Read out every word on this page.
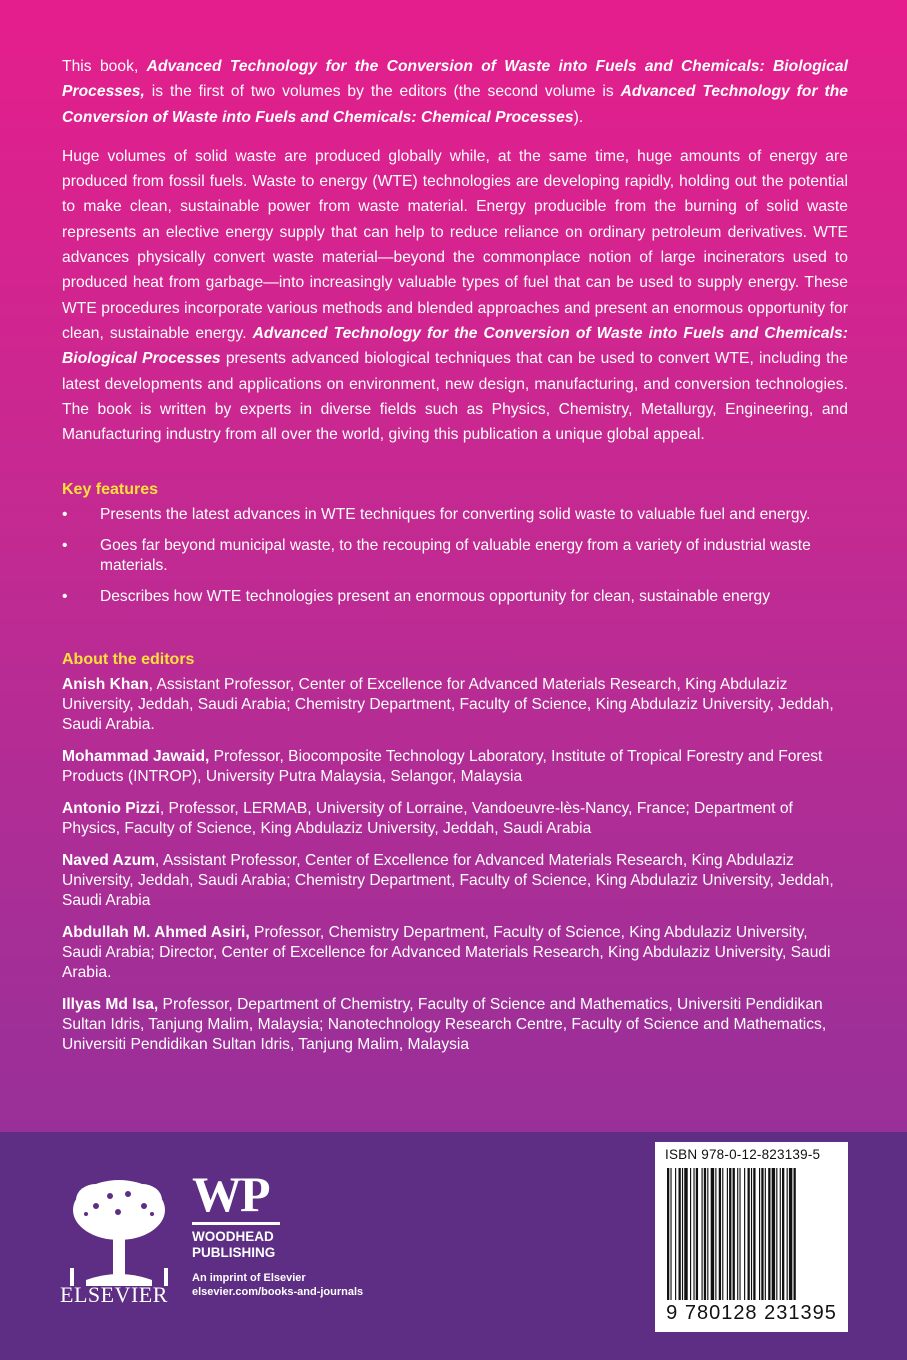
This book, Advanced Technology for the Conversion of Waste into Fuels and Chemicals: Biological Processes, is the first of two volumes by the editors (the second volume is Advanced Technology for the Conversion of Waste into Fuels and Chemicals: Chemical Processes).

Huge volumes of solid waste are produced globally while, at the same time, huge amounts of energy are produced from fossil fuels. Waste to energy (WTE) technologies are developing rapidly, holding out the potential to make clean, sustainable power from waste material. Energy producible from the burning of solid waste represents an elective energy supply that can help to reduce reliance on ordinary petroleum derivatives. WTE advances physically convert waste material—beyond the commonplace notion of large incinerators used to produced heat from garbage—into increasingly valuable types of fuel that can be used to supply energy. These WTE procedures incorporate various methods and blended approaches and present an enormous opportunity for clean, sustainable energy. Advanced Technology for the Conversion of Waste into Fuels and Chemicals: Biological Processes presents advanced biological techniques that can be used to convert WTE, including the latest developments and applications on environment, new design, manufacturing, and conversion technologies. The book is written by experts in diverse fields such as Physics, Chemistry, Metallurgy, Engineering, and Manufacturing industry from all over the world, giving this publication a unique global appeal.

Key features
• Presents the latest advances in WTE techniques for converting solid waste to valuable fuel and energy.
• Goes far beyond municipal waste, to the recouping of valuable energy from a variety of industrial waste materials.
• Describes how WTE technologies present an enormous opportunity for clean, sustainable energy
About the editors
Anish Khan, Assistant Professor, Center of Excellence for Advanced Materials Research, King Abdulaziz University, Jeddah, Saudi Arabia; Chemistry Department, Faculty of Science, King Abdulaziz University, Jeddah, Saudi Arabia.
Mohammad Jawaid, Professor, Biocomposite Technology Laboratory, Institute of Tropical Forestry and Forest Products (INTROP), University Putra Malaysia, Selangor, Malaysia
Antonio Pizzi, Professor, LERMAB, University of Lorraine, Vandoeuvre-lès-Nancy, France; Department of Physics, Faculty of Science, King Abdulaziz University, Jeddah, Saudi Arabia
Naved Azum, Assistant Professor, Center of Excellence for Advanced Materials Research, King Abdulaziz University, Jeddah, Saudi Arabia; Chemistry Department, Faculty of Science, King Abdulaziz University, Jeddah, Saudi Arabia
Abdullah M. Ahmed Asiri, Professor, Chemistry Department, Faculty of Science, King Abdulaziz University, Saudi Arabia; Director, Center of Excellence for Advanced Materials Research, King Abdulaziz University, Saudi Arabia.
Illyas Md Isa, Professor, Department of Chemistry, Faculty of Science and Mathematics, Universiti Pendidikan Sultan Idris, Tanjung Malim, Malaysia; Nanotechnology Research Centre, Faculty of Science and Mathematics, Universiti Pendidikan Sultan Idris, Tanjung Malim, Malaysia
ELSEVIER
WP
WOODHEAD
PUBLISHING
An imprint of Elsevier
elsevier.com/books-and-journals
ISBN 978-0-12-823139-5
9 780128 231395
